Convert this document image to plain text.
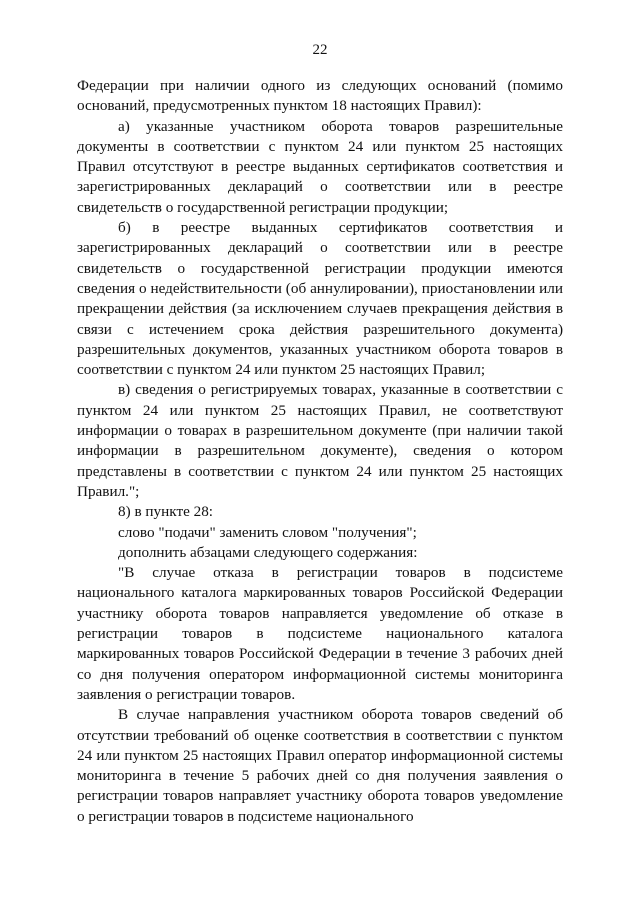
22

Федерации при наличии одного из следующих оснований (помимо оснований, предусмотренных пунктом 18 настоящих Правил):

а) указанные участником оборота товаров разрешительные документы в соответствии с пунктом 24 или пунктом 25 настоящих Правил отсутствуют в реестре выданных сертификатов соответствия и зарегистрированных деклараций о соответствии или в реестре свидетельств о государственной регистрации продукции;

б) в реестре выданных сертификатов соответствия и зарегистрированных деклараций о соответствии или в реестре свидетельств о государственной регистрации продукции имеются сведения о недействительности (об аннулировании), приостановлении или прекращении действия (за исключением случаев прекращения действия в связи с истечением срока действия разрешительного документа) разрешительных документов, указанных участником оборота товаров в соответствии с пунктом 24 или пунктом 25 настоящих Правил;

в) сведения о регистрируемых товарах, указанные в соответствии с пунктом 24 или пунктом 25 настоящих Правил, не соответствуют информации о товарах в разрешительном документе (при наличии такой информации в разрешительном документе), сведения о котором представлены в соответствии с пунктом 24 или пунктом 25 настоящих Правил.";

8) в пункте 28:

слово "подачи" заменить словом "получения";

дополнить абзацами следующего содержания:

"В случае отказа в регистрации товаров в подсистеме национального каталога маркированных товаров Российской Федерации участнику оборота товаров направляется уведомление об отказе в регистрации товаров в подсистеме национального каталога маркированных товаров Российской Федерации в течение 3 рабочих дней со дня получения оператором информационной системы мониторинга заявления о регистрации товаров.

В случае направления участником оборота товаров сведений об отсутствии требований об оценке соответствия в соответствии с пунктом 24 или пунктом 25 настоящих Правил оператор информационной системы мониторинга в течение 5 рабочих дней со дня получения заявления о регистрации товаров направляет участнику оборота товаров уведомление о регистрации товаров в подсистеме национального
